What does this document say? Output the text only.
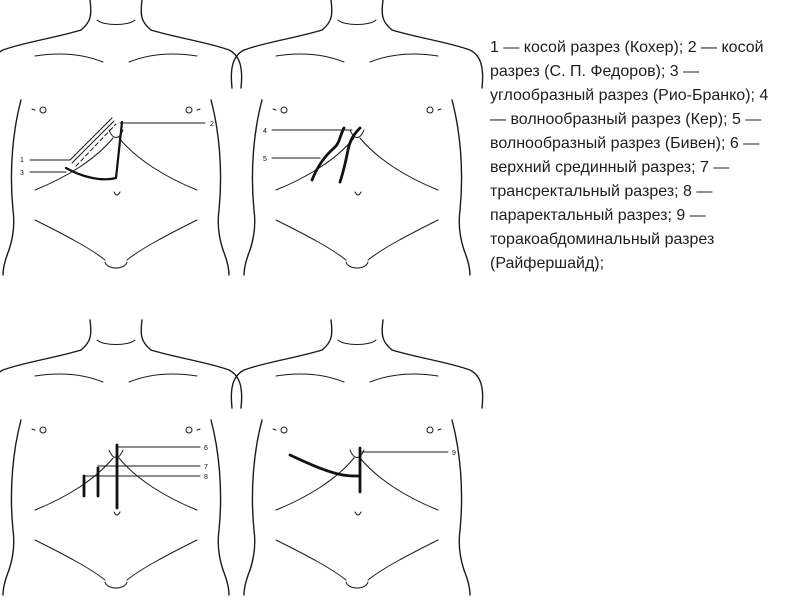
1
2
3
4
5
6
7
8
9
1 — косой разрез (Кохер); 2 — косой разрез (С. П. Федоров); 3 — углообразный разрез (Рио-Бранко); 4 — волнообразный разрез (Кер); 5 — волнообразный разрез (Бивен); 6 — верхний срединный разрез; 7 — трансректальный разрез; 8 — параректальный разрез; 9 — торакоабдоминальный разрез (Райфершайд);
